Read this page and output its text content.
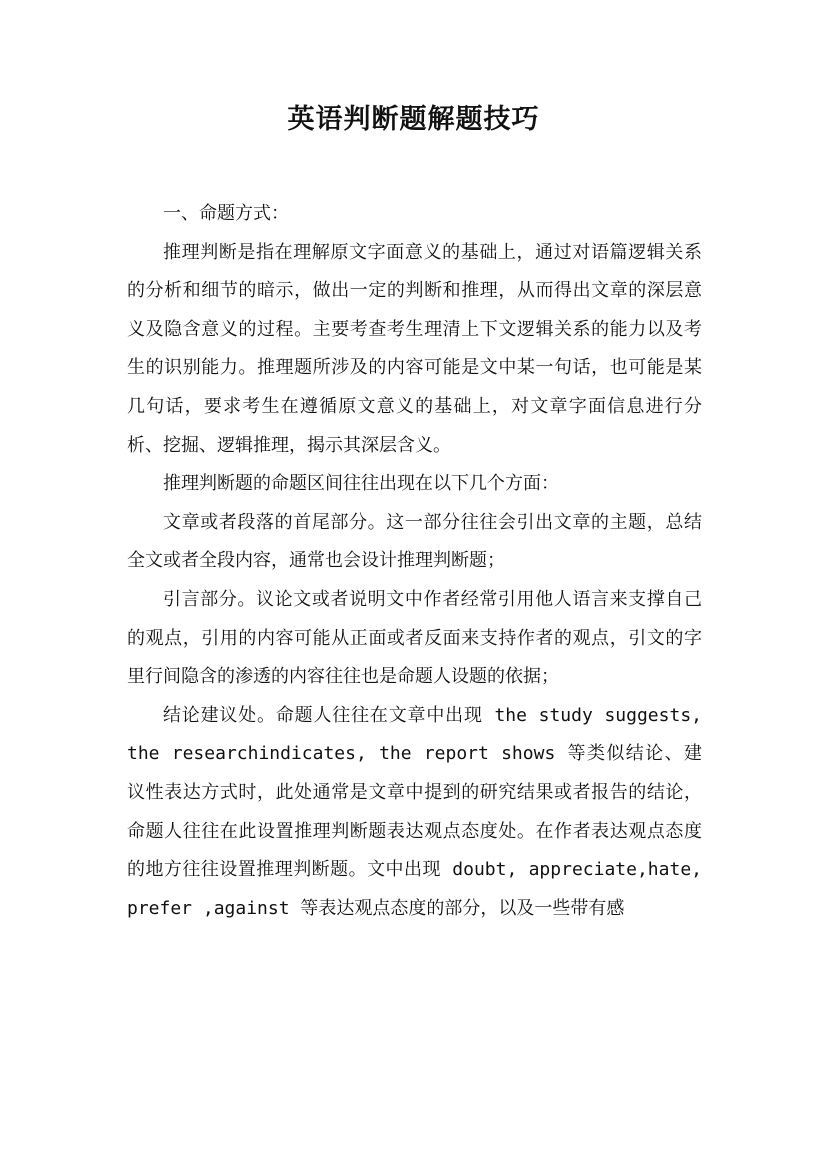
英语判断题解题技巧

一、命题方式：

推理判断是指在理解原文字面意义的基础上，通过对语篇逻辑关系的分析和细节的暗示，做出一定的判断和推理，从而得出文章的深层意义及隐含意义的过程。主要考查考生理清上下文逻辑关系的能力以及考生的识别能力。推理题所涉及的内容可能是文中某一句话，也可能是某几句话，要求考生在遵循原文意义的基础上，对文章字面信息进行分析、挖掘、逻辑推理，揭示其深层含义。

推理判断题的命题区间往往出现在以下几个方面：

文章或者段落的首尾部分。这一部分往往会引出文章的主题，总结全文或者全段内容，通常也会设计推理判断题；

引言部分。议论文或者说明文中作者经常引用他人语言来支撑自己的观点，引用的内容可能从正面或者反面来支持作者的观点，引文的字里行间隐含的渗透的内容往往也是命题人设题的依据；

结论建议处。命题人往往在文章中出现 the study suggests, the researchindicates, the report shows 等类似结论、建议性表达方式时，此处通常是文章中提到的研究结果或者报告的结论，命题人往往在此设置推理判断题表达观点态度处。在作者表达观点态度的地方往往设置推理判断题。文中出现 doubt, appreciate,hate, prefer ,against 等表达观点态度的部分，以及一些带有感
